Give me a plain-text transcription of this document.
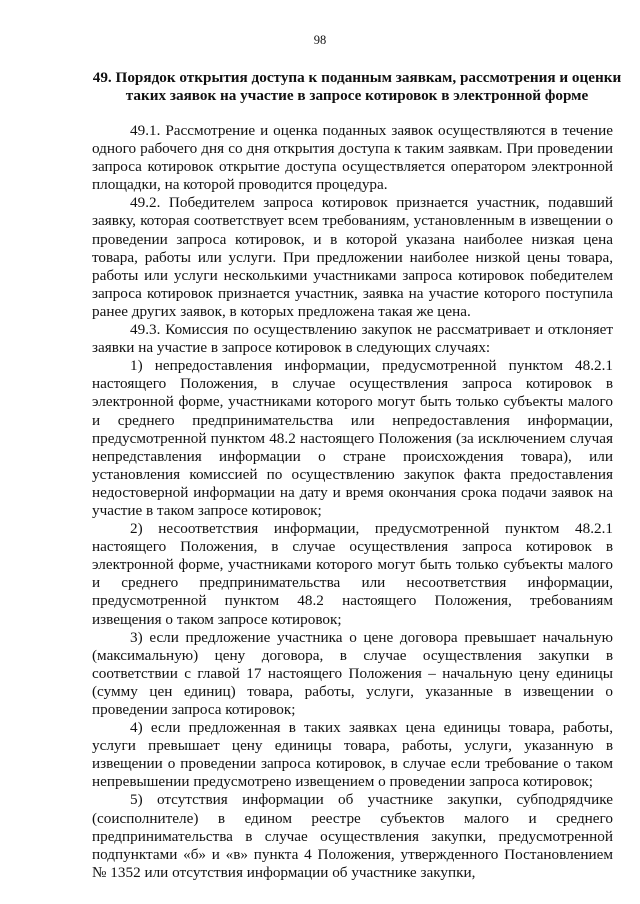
98
49. Порядок открытия доступа к поданным заявкам, рассмотрения и оценки таких заявок на участие в запросе котировок в электронной форме

49.1. Рассмотрение и оценка поданных заявок осуществляются в течение одного рабочего дня со дня открытия доступа к таким заявкам. При проведении запроса котировок открытие доступа осуществляется оператором электронной площадки, на которой проводится процедура.

49.2. Победителем запроса котировок признается участник, подавший заявку, которая соответствует всем требованиям, установленным в извещении о проведении запроса котировок, и в которой указана наиболее низкая цена товара, работы или услуги. При предложении наиболее низкой цены товара, работы или услуги несколькими участниками запроса котировок победителем запроса котировок признается участник, заявка на участие которого поступила ранее других заявок, в которых предложена такая же цена.

49.3. Комиссия по осуществлению закупок не рассматривает и отклоняет заявки на участие в запросе котировок в следующих случаях:

1) непредоставления информации, предусмотренной пунктом 48.2.1 настоящего Положения, в случае осуществления запроса котировок в электронной форме, участниками которого могут быть только субъекты малого и среднего предпринимательства или непредоставления информации, предусмотренной пунктом 48.2 настоящего Положения (за исключением случая непредставления информации о стране происхождения товара), или установления комиссией по осуществлению закупок факта предоставления недостоверной информации на дату и время окончания срока подачи заявок на участие в таком запросе котировок;

2) несоответствия информации, предусмотренной пунктом 48.2.1 настоящего Положения, в случае осуществления запроса котировок в электронной форме, участниками которого могут быть только субъекты малого и среднего предпринимательства или несоответствия информации, предусмотренной пунктом 48.2 настоящего Положения, требованиям извещения о таком запросе котировок;

3) если предложение участника о цене договора превышает начальную (максимальную) цену договора, в случае осуществления закупки в соответствии с главой 17 настоящего Положения – начальную цену единицы (сумму цен единиц) товара, работы, услуги, указанные в извещении о проведении запроса котировок;

4) если предложенная в таких заявках цена единицы товара, работы, услуги превышает цену единицы товара, работы, услуги, указанную в извещении о проведении запроса котировок, в случае если требование о таком непревышении предусмотрено извещением о проведении запроса котировок;

5) отсутствия информации об участнике закупки, субподрядчике (соисполнителе) в едином реестре субъектов малого и среднего предпринимательства в случае осуществления закупки, предусмотренной подпунктами «б» и «в» пункта 4 Положения, утвержденного Постановлением № 1352 или отсутствия информации об участнике закупки,
